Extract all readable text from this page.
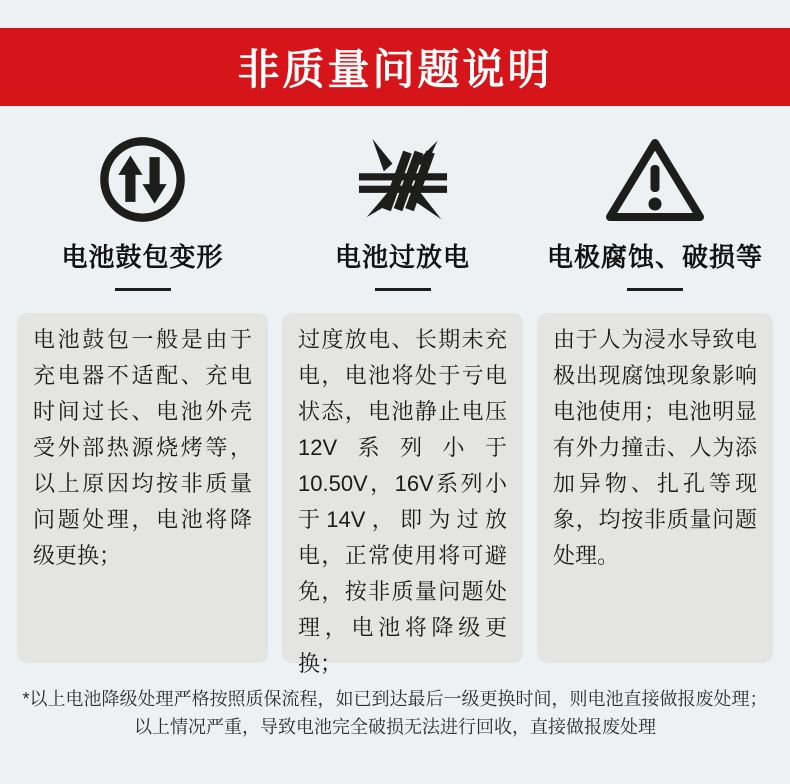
非质量问题说明
电池鼓包变形
电池鼓包一般是由于充电器不适配、充电时间过长、电池外壳受外部热源烧烤等，以上原因均按非质量问题处理，电池将降级更换；
电池过放电
过度放电、长期未充电，电池将处于亏电状态，电池静止电压12V系列小于10.50V，16V系列小于14V，即为过放电，正常使用将可避免，按非质量问题处理，电池将降级更换；
电极腐蚀、破损等
由于人为浸水导致电极出现腐蚀现象影响电池使用；电池明显有外力撞击、人为添加异物、扎孔等现象，均按非质量问题处理。
*以上电池降级处理严格按照质保流程，如已到达最后一级更换时间，则电池直接做报废处理；
以上情况严重，导致电池完全破损无法进行回收，直接做报废处理
